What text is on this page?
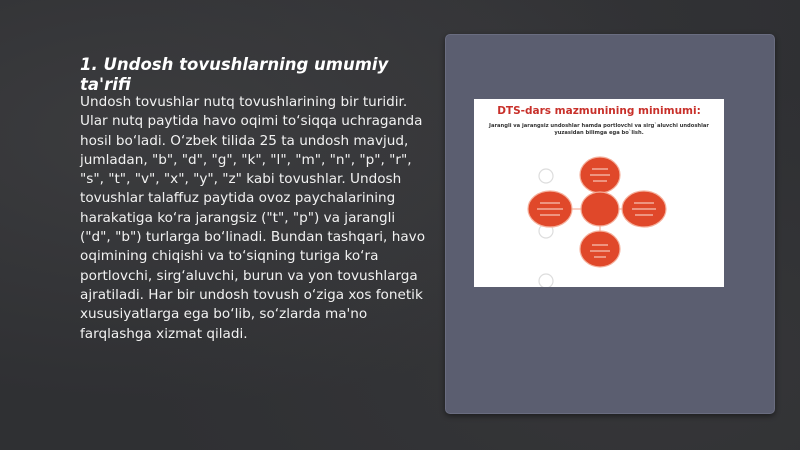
1. Undosh tovushlarning umumiy ta'rifi

Undosh tovushlar nutq tovushlarining bir turidir. Ular nutq paytida havo oqimi to‘siqqa uchraganda hosil bo‘ladi. O‘zbek tilida 25 ta undosh mavjud, jumladan, "b", "d", "g", "k", "l", "m", "n", "p", "r", "s", "t", "v", "x", "y", "z" kabi tovushlar. Undosh tovushlar talaffuz paytida ovoz paychalarining harakatiga ko‘ra jarangsiz ("t", "p") va jarangli ("d", "b") turlarga bo‘linadi. Bundan tashqari, havo oqimining chiqishi va to‘siqning turiga ko‘ra portlovchi, sirg‘aluvchi, burun va yon tovushlarga ajratiladi. Har bir undosh tovush o‘ziga xos fonetik xususiyatlarga ega bo‘lib, so‘zlarda ma'no farqlashga xizmat qiladi.

DTS-dars mazmunining minimumi:
Jarangli va jarangsiz undoshlar hamda portlovchi va sirg`aluvchi undoshlar yuzasidan bilimga ega bo`lish.
